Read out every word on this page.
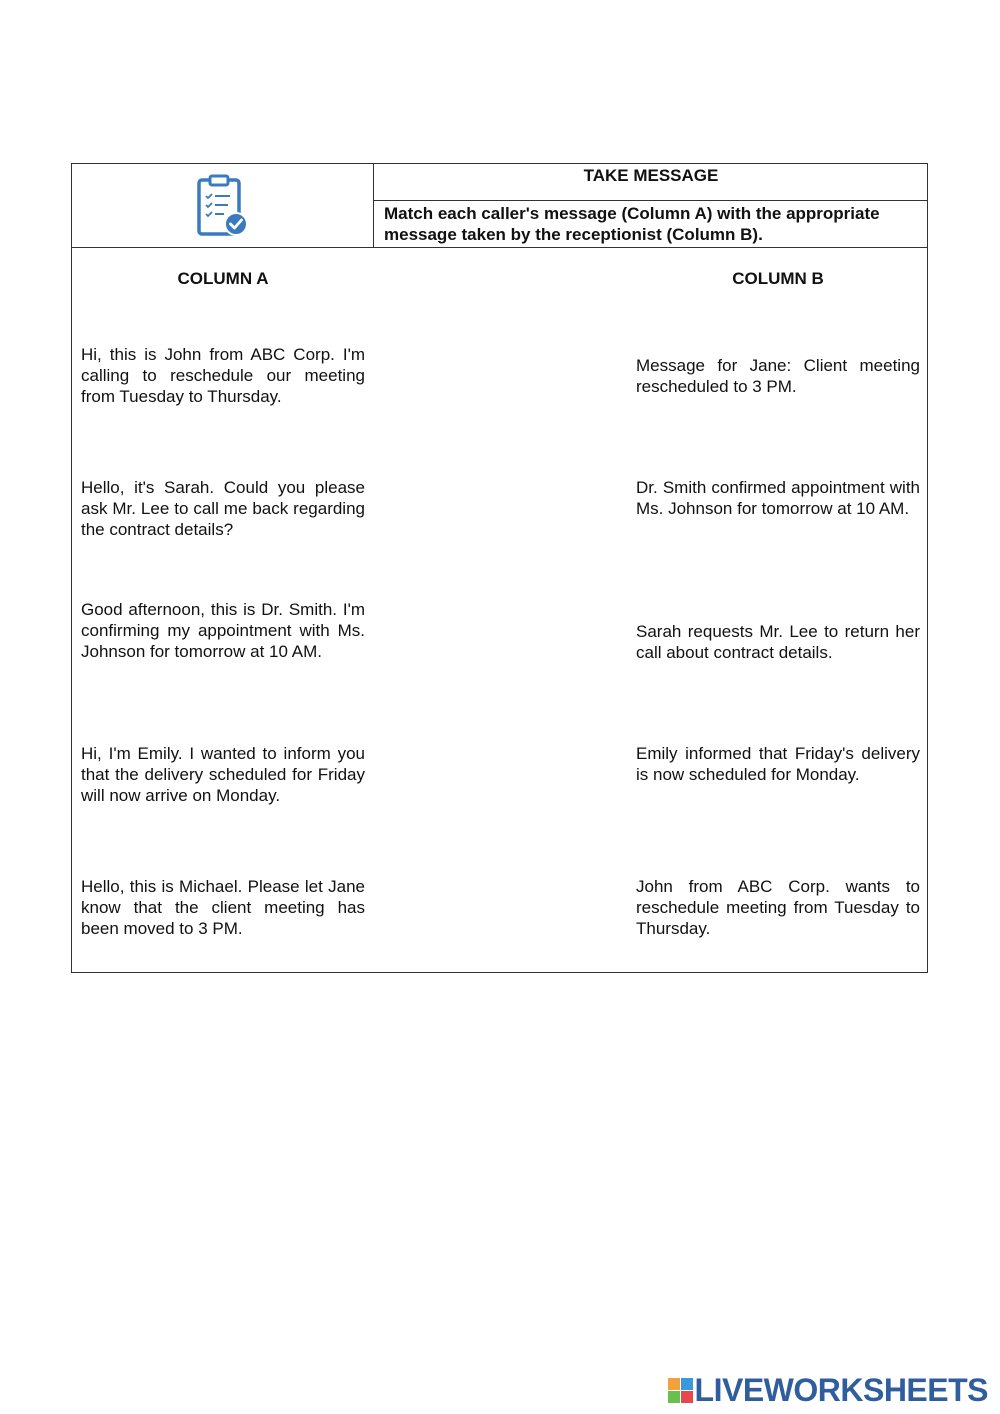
TAKE MESSAGE
Match each caller's message (Column A) with the appropriate message taken by the receptionist (Column B).
COLUMN A	COLUMN B
Hi, this is John from ABC Corp. I'm calling to reschedule our meeting from Tuesday to Thursday.
Hello, it's Sarah. Could you please ask Mr. Lee to call me back regarding the contract details?
Good afternoon, this is Dr. Smith. I'm confirming my appointment with Ms. Johnson for tomorrow at 10 AM.
Hi, I'm Emily. I wanted to inform you that the delivery scheduled for Friday will now arrive on Monday.
Hello, this is Michael. Please let Jane know that the client meeting has been moved to 3 PM.
Message for Jane: Client meeting rescheduled to 3 PM.
Dr. Smith confirmed appointment with Ms. Johnson for tomorrow at 10 AM.
Sarah requests Mr. Lee to return her call about contract details.
Emily informed that Friday's delivery is now scheduled for Monday.
John from ABC Corp. wants to reschedule meeting from Tuesday to Thursday.
LIVEWORKSHEETS
